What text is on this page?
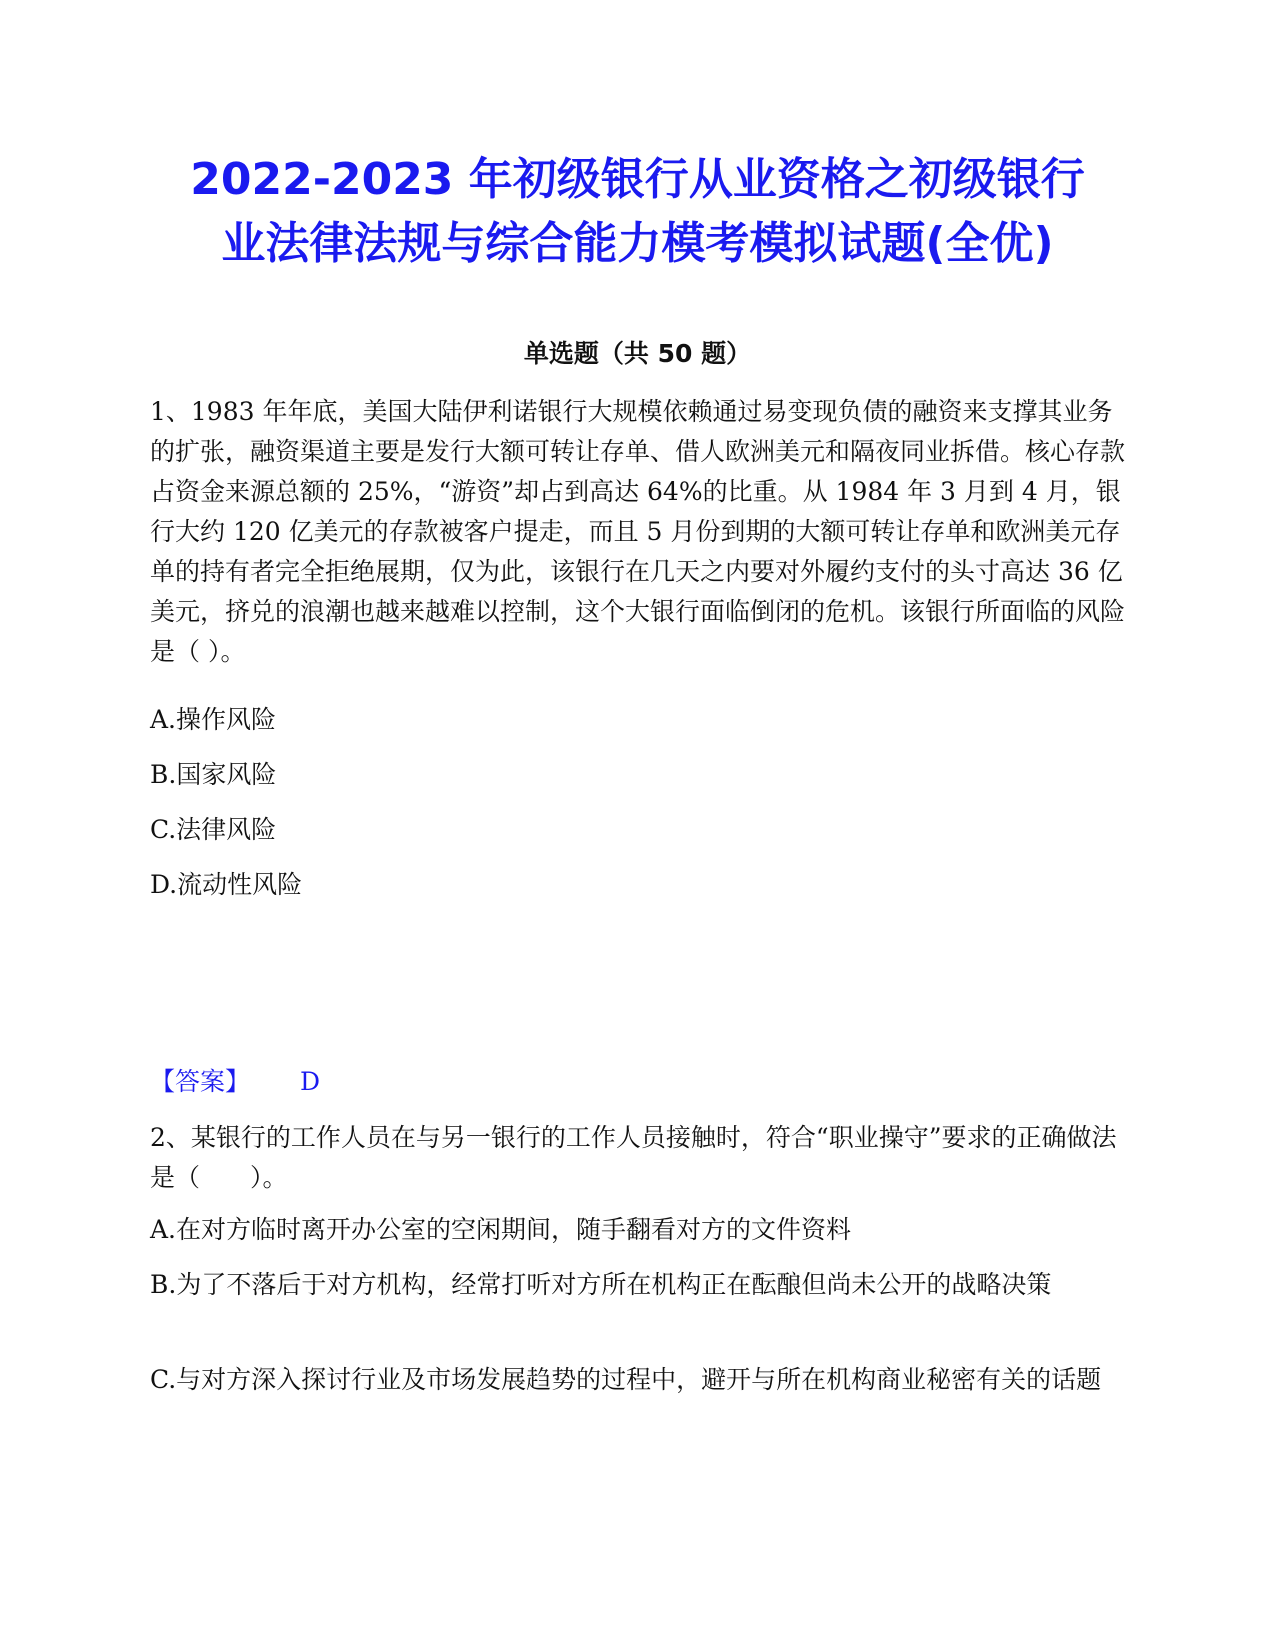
2022-2023 年初级银行从业资格之初级银行
业法律法规与综合能力模考模拟试题(全优)
单选题（共 50 题）
1、1983 年年底，美国大陆伊利诺银行大规模依赖通过易变现负债的融资来支撑其业务的扩张，融资渠道主要是发行大额可转让存单、借人欧洲美元和隔夜同业拆借。核心存款占资金来源总额的 25%，“游资”却占到高达 64%的比重。从 1984 年 3 月到 4 月，银行大约 120 亿美元的存款被客户提走，而且 5 月份到期的大额可转让存单和欧洲美元存单的持有者完全拒绝展期，仅为此，该银行在几天之内要对外履约支付的头寸高达 36 亿美元，挤兑的浪潮也越来越难以控制，这个大银行面临倒闭的危机。该银行所面临的风险是（ ）。
A.操作风险
B.国家风险
C.法律风险
D.流动性风险
【答案】 D
2、某银行的工作人员在与另一银行的工作人员接触时，符合“职业操守”要求的正确做法是（　　）。
A.在对方临时离开办公室的空闲期间，随手翻看对方的文件资料
B.为了不落后于对方机构，经常打听对方所在机构正在酝酿但尚未公开的战略决策
C.与对方深入探讨行业及市场发展趋势的过程中，避开与所在机构商业秘密有关的话题
